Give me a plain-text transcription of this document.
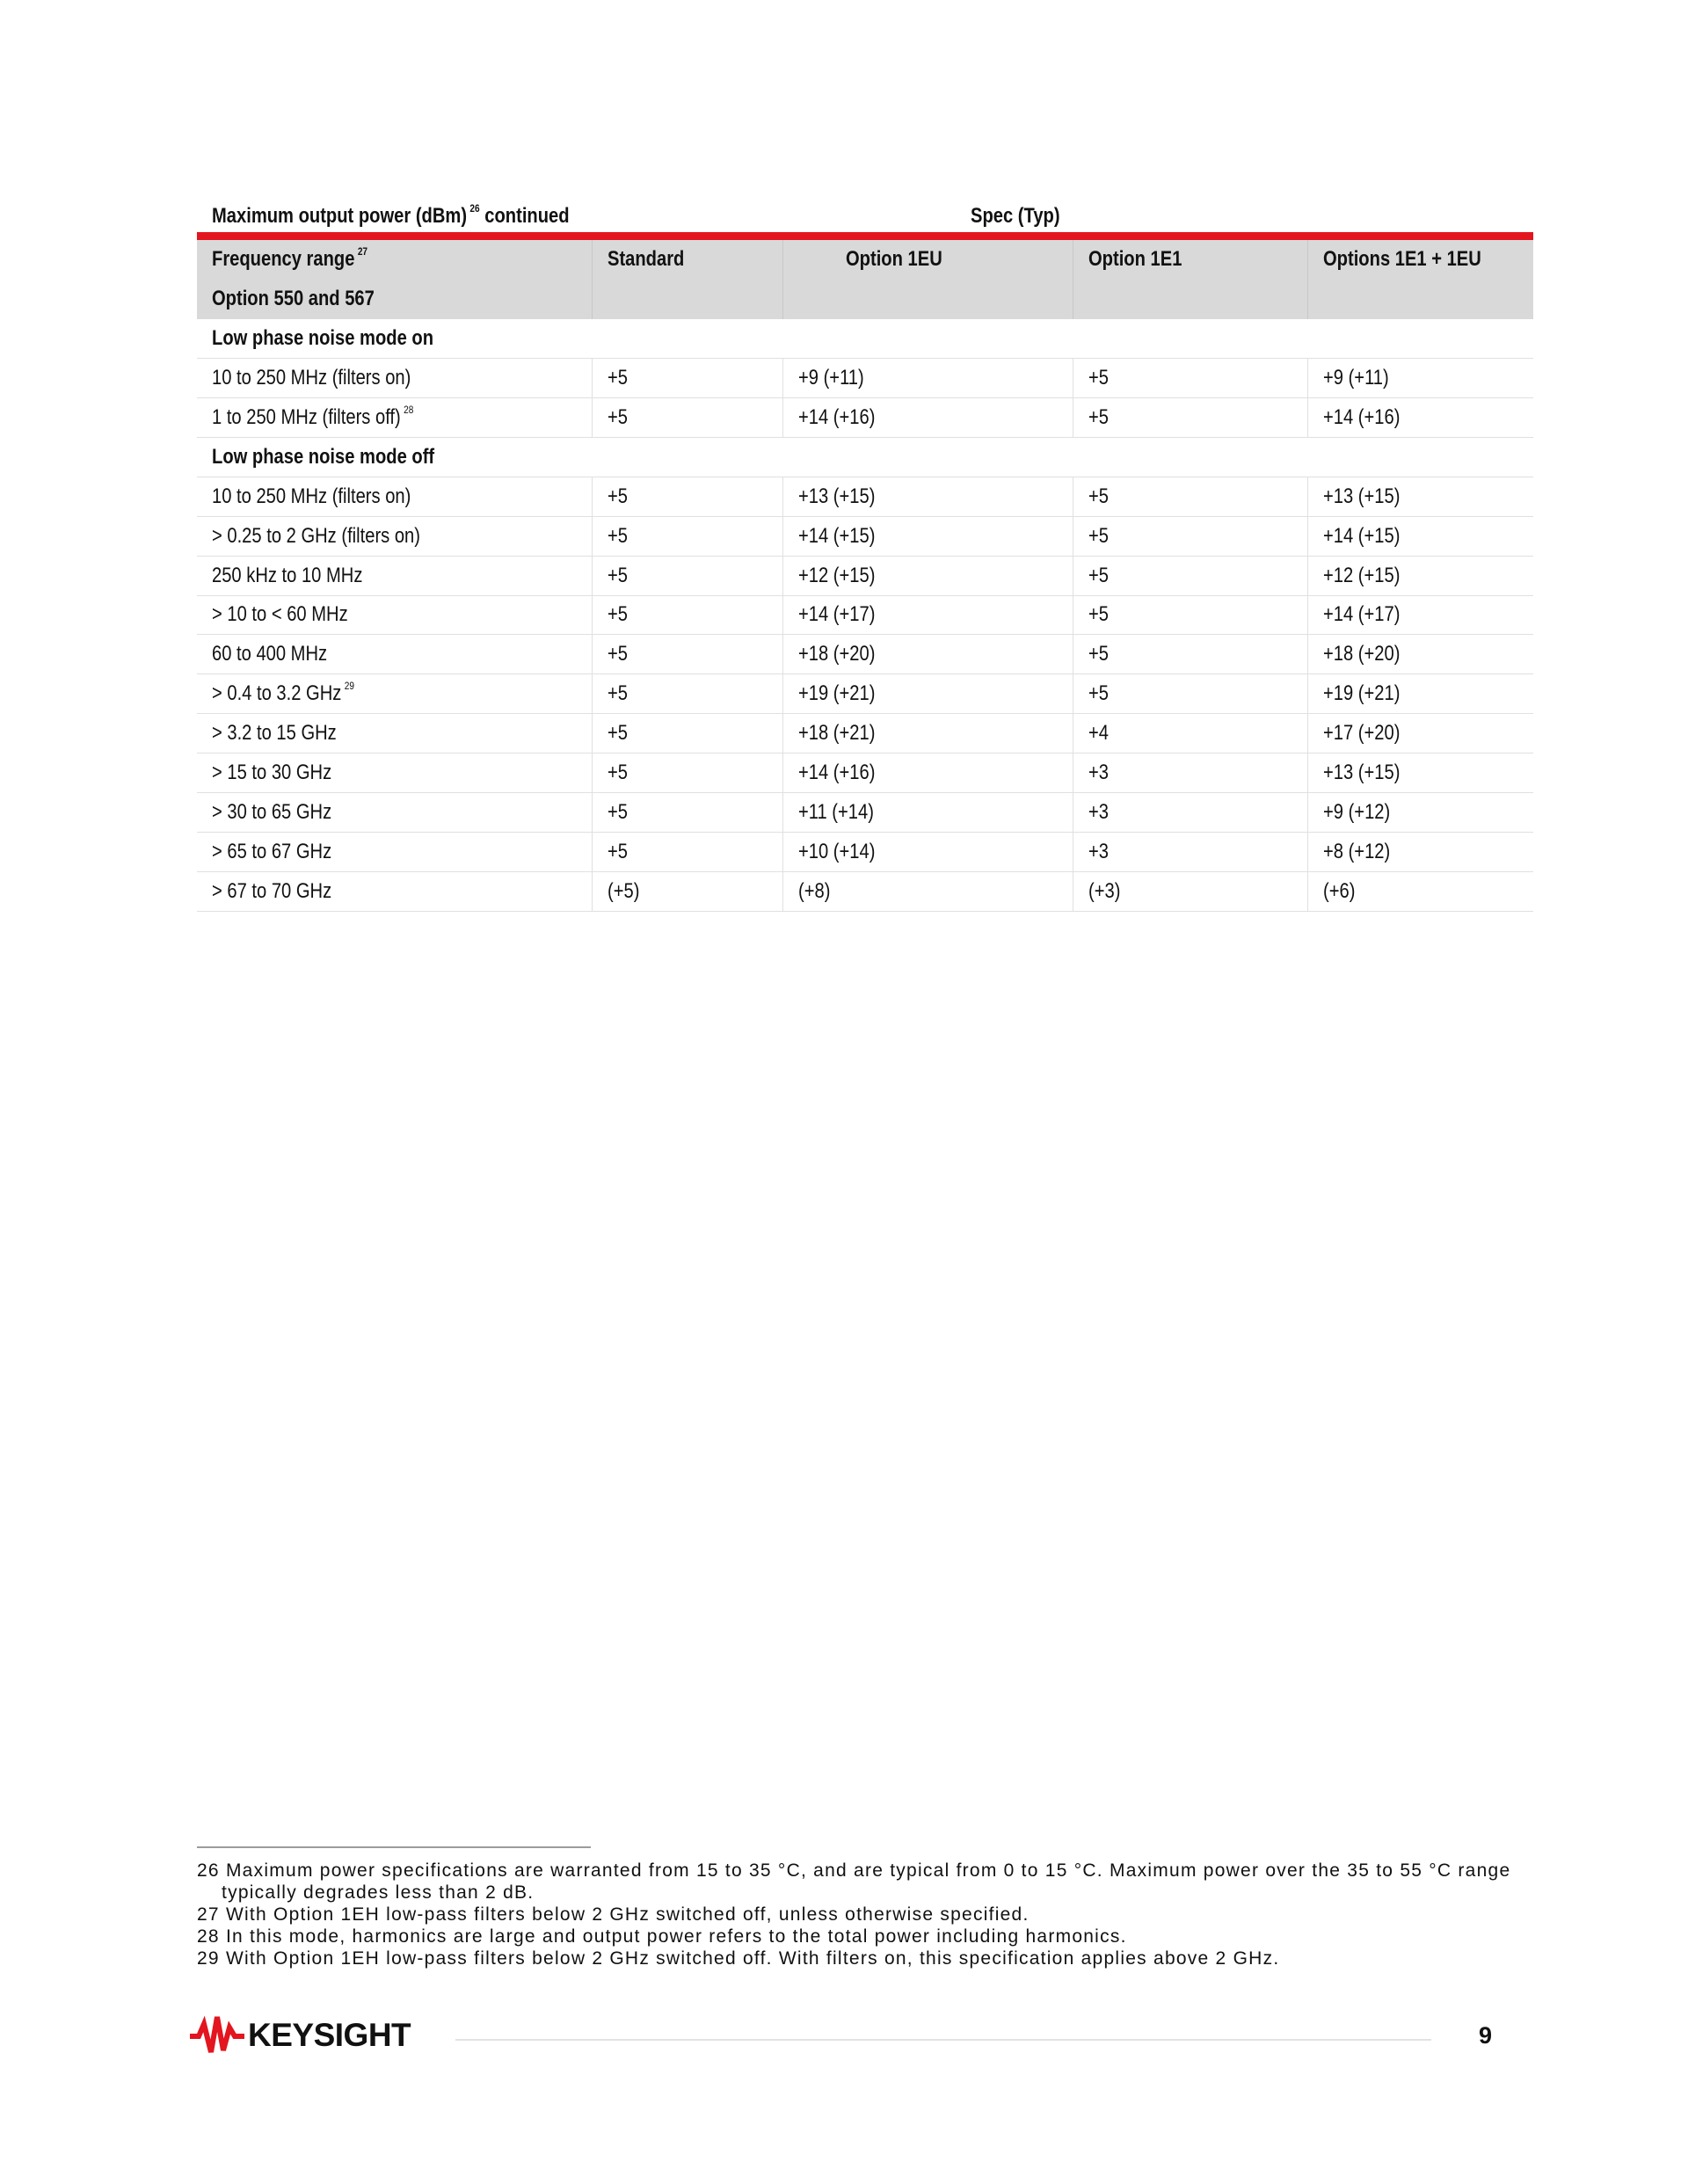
Maximum output power (dBm) $^{26}$ continued	Spec (Typ)
Frequency range $^{27}$	Standard	Option 1EU	Option 1E1	Options 1E1 + 1EU
Option 550 and 567				
Low phase noise mode on				
10 to 250 MHz (filters on)	+5	+9 (+11)	+5	+9 (+11)
1 to 250 MHz (filters off) $^{28}$	+5	+14 (+16)	+5	+14 (+16)
Low phase noise mode off				
10 to 250 MHz (filters on)	+5	+13 (+15)	+5	+13 (+15)
> 0.25 to 2 GHz (filters on)	+5	+14 (+15)	+5	+14 (+15)
250 kHz to 10 MHz	+5	+12 (+15)	+5	+12 (+15)
> 10 to < 60 MHz	+5	+14 (+17)	+5	+14 (+17)
60 to 400 MHz	+5	+18 (+20)	+5	+18 (+20)
> 0.4 to 3.2 GHz $^{29}$	+5	+19 (+21)	+5	+19 (+21)
> 3.2 to 15 GHz	+5	+18 (+21)	+4	+17 (+20)
> 15 to 30 GHz	+5	+14 (+16)	+3	+13 (+15)
> 30 to 65 GHz	+5	+11 (+14)	+3	+9 (+12)
> 65 to 67 GHz	+5	+10 (+14)	+3	+8 (+12)
> 67 to 70 GHz	(+5)	(+8)	(+3)	(+6)
26 Maximum power specifications are warranted from 15 to 35 °C, and are typical from 0 to 15 °C. Maximum power over the 35 to 55 °C range typically degrades less than 2 dB.
27 With Option 1EH low-pass filters below 2 GHz switched off, unless otherwise specified.
28 In this mode, harmonics are large and output power refers to the total power including harmonics.
29 With Option 1EH low-pass filters below 2 GHz switched off. With filters on, this specification applies above 2 GHz.
KEYSIGHT	9
